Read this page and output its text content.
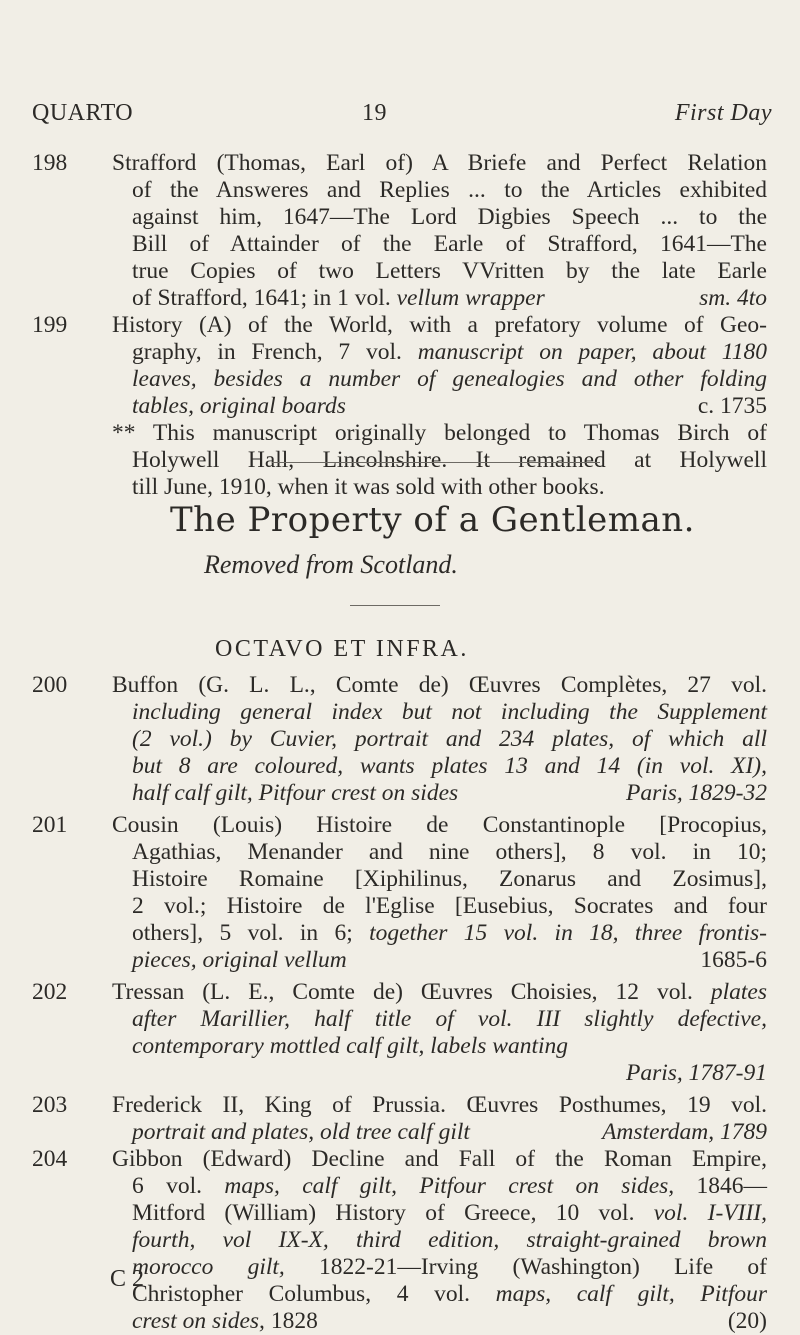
QUARTO	19	First Day
198	Strafford (Thomas, Earl of) A Briefe and Perfect Relation

of the Answeres and Replies ... to the Articles exhibited

against him, 1647—The Lord Digbies Speech ... to the

Bill of Attainder of the Earle of Strafford, 1641—The

true Copies of two Letters VVritten by the late Earle

of Strafford, 1641; in 1 vol. vellum wrapper	sm. 4to

199	History (A) of the World, with a prefatory volume of Geo-

graphy, in French, 7 vol. manuscript on paper, about 1180

leaves, besides a number of genealogies and other folding

tables, original boards	c. 1735

** This manuscript originally belonged to Thomas Birch of

Holywell Hall, Lincolnshire. It remained at Holywell

till June, 1910, when it was sold with other books.

The Property of a Gentleman.
Removed from Scotland.
OCTAVO ET INFRA.
200	Buffon (G. L. L., Comte de) Œuvres Complètes, 27 vol.

including general index but not including the Supplement

(2 vol.) by Cuvier, portrait and 234 plates, of which all

but 8 are coloured, wants plates 13 and 14 (in vol. XI),

half calf gilt, Pitfour crest on sides	Paris, 1829-32

201	Cousin (Louis) Histoire de Constantinople [Procopius,

Agathias, Menander and nine others], 8 vol. in 10;

Histoire Romaine [Xiphilinus, Zonarus and Zosimus],

2 vol.; Histoire de l'Eglise [Eusebius, Socrates and four

others], 5 vol. in 6; together 15 vol. in 18, three frontis-

pieces, original vellum	1685-6

202	Tressan (L. E., Comte de) Œuvres Choisies, 12 vol. plates

after Marillier, half title of vol. III slightly defective,

contemporary mottled calf gilt, labels wanting

Paris, 1787-91

203	Frederick II, King of Prussia. Œuvres Posthumes, 19 vol.

portrait and plates, old tree calf gilt	Amsterdam, 1789

204	Gibbon (Edward) Decline and Fall of the Roman Empire,

6 vol. maps, calf gilt, Pitfour crest on sides, 1846—

Mitford (William) History of Greece, 10 vol. vol. I-VIII,

fourth, vol IX-X, third edition, straight-grained brown

morocco gilt, 1822-21—Irving (Washington) Life of

Christopher Columbus, 4 vol. maps, calf gilt, Pitfour

crest on sides, 1828	(20)

C 2
